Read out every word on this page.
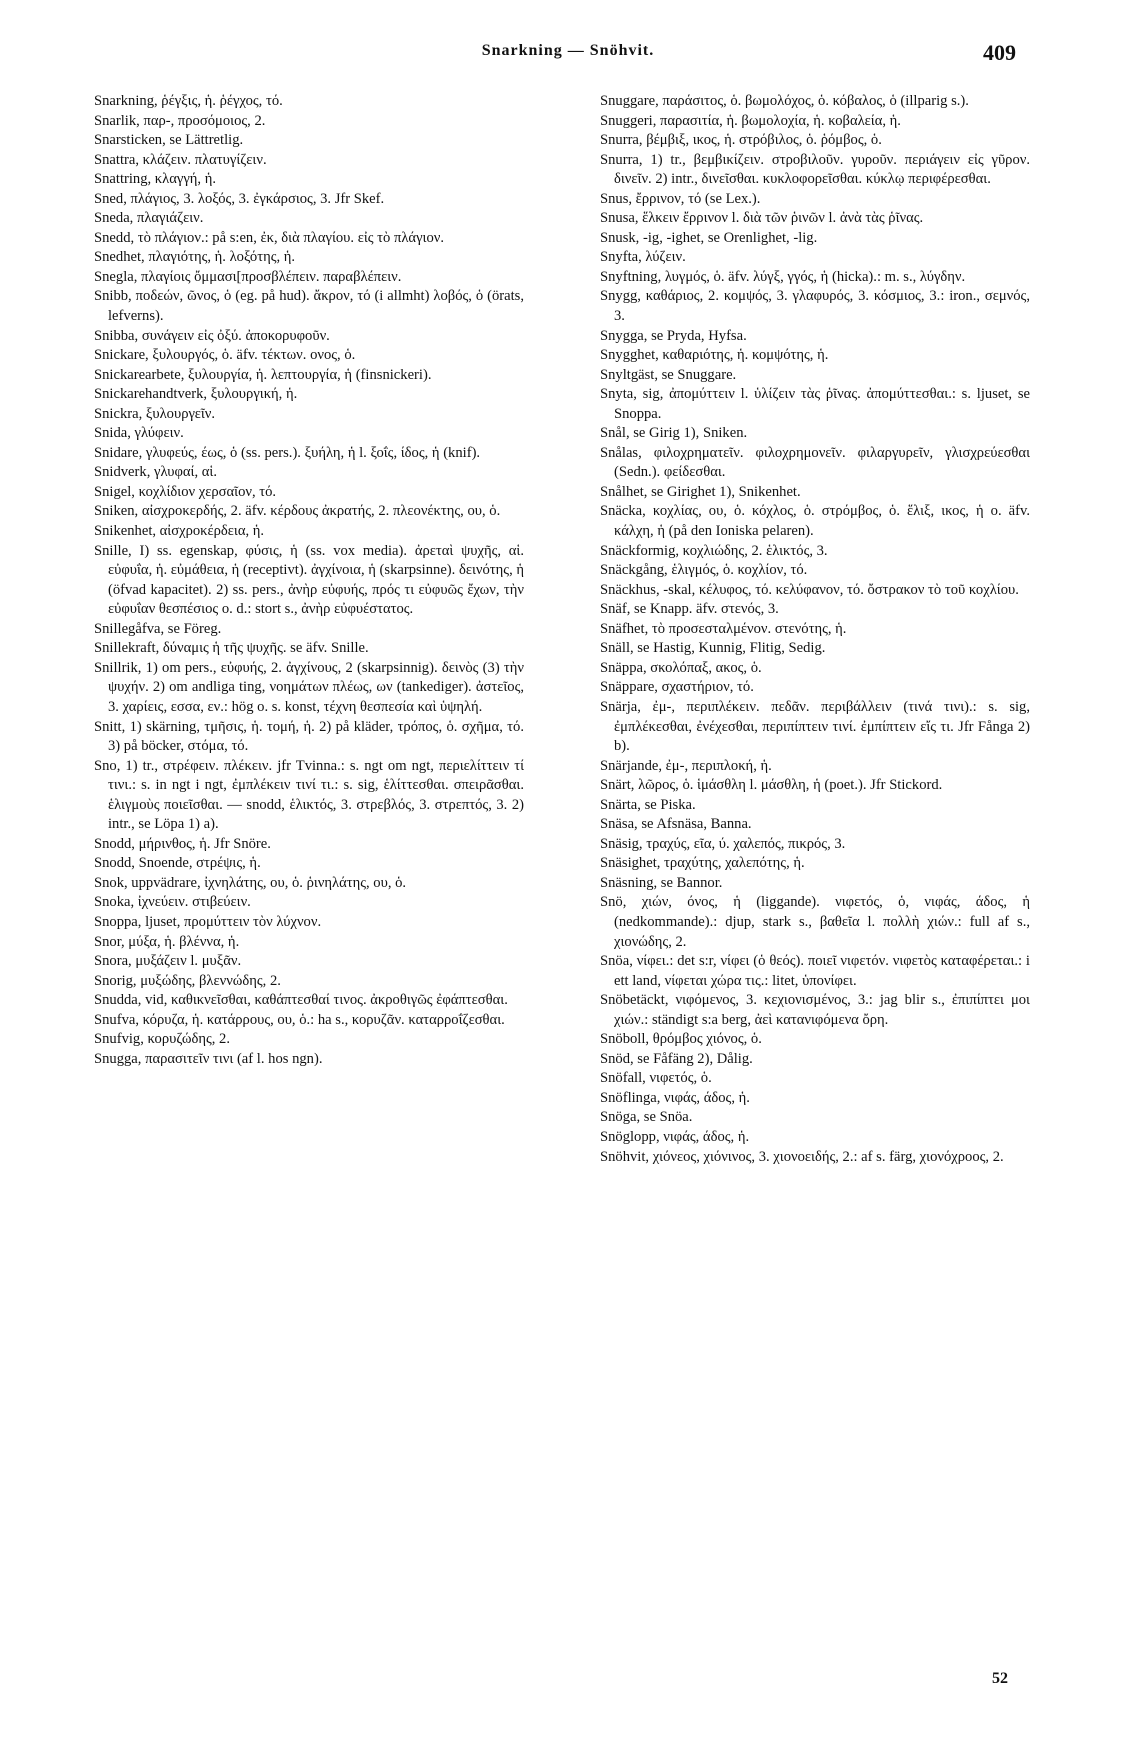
Snarkning — Snöhvit.	409

Snarkning, ῥέγξις, ἡ. ῥέγχος, τό.

Snarlik, παρ-, προσόμοιος, 2.

Snarsticken, se Lättretlig.

Snattra, κλάζειν. πλατυγίζειν.

Snattring, κλαγγή, ἡ.

Sned, πλάγιος, 3. λοξός, 3. ἐγκάρσιος, 3. Jfr Skef.

Sneda, πλαγιάζειν.

Snedd, τὸ πλάγιον.: på s:en, ἐκ, διὰ πλαγίου. εἰς τὸ πλάγιον.

Snedhet, πλαγιότης, ἡ. λοξότης, ἡ.

Snegla, πλαγίοις ὄμμασι[προσβλέπειν. παραβλέπειν.

Snibb, ποδεών, ῶνος, ὁ (eg. på hud). ἄκρον, τό (i allmht) λοβός, ὁ (örats, lefverns).

Snibba, συνάγειν εἰς ὀξύ. ἀποκορυφοῦν.

Snickare, ξυλουργός, ὁ. äfv. τέκτων. ονος, ὁ.

Snickarearbete, ξυλουργία, ἡ. λεπτουργία, ἡ (finsnickeri).

Snickarehandtverk, ξυλουργική, ἡ.

Snickra, ξυλουργεῖν.

Snida, γλύφειν.

Snidare, γλυφεύς, έως, ὁ (ss. pers.). ξυήλη, ἡ l. ξοΐς, ίδος, ἡ (knif).

Snidverk, γλυφαί, αἱ.

Snigel, κοχλίδιον χερσαῖον, τό.

Sniken, αἰσχροκερδής, 2. äfv. κέρδους ἀκρατής, 2. πλεονέκτης, ου, ὁ.

Snikenhet, αἰσχροκέρδεια, ἡ.

Snille, I) ss. egenskap, φύσις, ἡ (ss. vox media). ἀρεταὶ ψυχῆς, αἱ. εὐφυΐα, ἡ. εὐμάθεια, ἡ (receptivt). ἀγχίνοια, ἡ (skarpsinne). δεινότης, ἡ (öfvad kapacitet). 2) ss. pers., ἀνὴρ εὐφυής, πρός τι εὐφυῶς ἔχων, τὴν εὐφυΐαν θεσπέσιος o. d.: stort s., ἀνὴρ εὐφυέστατος.

Snillegåfva, se Föreg.

Snillekraft, δύναμις ἡ τῆς ψυχῆς. se äfv. Snille.

Snillrik, 1) om pers., εὐφυής, 2. ἀγχίνους, 2 (skarpsinnig). δεινὸς (3) τὴν ψυχήν. 2) om andliga ting, νοημάτων πλέως, ων (tankediger). ἀστεῖος, 3. χαρίεις, εσσα, εν.: hög o. s. konst, τέχνη θεσπεσία καὶ ὑψηλή.

Snitt, 1) skärning, τμῆσις, ἡ. τομή, ἡ. 2) på kläder, τρόπος, ὁ. σχῆμα, τό. 3) på böcker, στόμα, τό.

Sno, 1) tr., στρέφειν. πλέκειν. jfr Tvinna.: s. ngt om ngt, περιελίττειν τί τινι.: s. in ngt i ngt, ἐμπλέκειν τινί τι.: s. sig, ἑλίττεσθαι. σπειρᾶσθαι. ἑλιγμοὺς ποιεῖσθαι. — snodd, ἑλικτός, 3. στρεβλός, 3. στρεπτός, 3. 2) intr., se Löpa 1) a).

Snodd, μήρινθος, ἡ. Jfr Snöre.

Snodd, Snoende, στρέψις, ἡ.

Snok, uppvädrare, ἰχνηλάτης, ου, ὁ. ῥινηλάτης, ου, ὁ.

Snoka, ἰχνεύειν. στιβεύειν.

Snoppa, ljuset, προμύττειν τὸν λύχνον.

Snor, μύξα, ἡ. βλέννα, ἡ.

Snora, μυξάζειν l. μυξᾶν.

Snorig, μυξώδης, βλεννώδης, 2.

Snudda, vid, καθικνεῖσθαι, καθάπτεσθαί τινος. ἀκροθιγῶς ἐφάπτεσθαι.

Snufva, κόρυζα, ἡ. κατάρρους, ου, ὁ.: ha s., κορυζᾶν. καταρροΐζεσθαι.

Snufvig, κορυζώδης, 2.

Snugga, παρασιτεῖν τινι (af l. hos ngn).

Snuggare, παράσιτος, ὁ. βωμολόχος, ὁ. κόβαλος, ὁ (illparig s.).

Snuggeri, παρασιτία, ἡ. βωμολοχία, ἡ. κοβαλεία, ἡ.

Snurra, βέμβιξ, ικος, ἡ. στρόβιλος, ὁ. ῥόμβος, ὁ.

Snurra, 1) tr., βεμβικίζειν. στροβιλοῦν. γυροῦν. περιάγειν εἰς γῦρον. δινεῖν. 2) intr., δινεῖσθαι. κυκλοφορεῖσθαι. κύκλῳ περιφέρεσθαι.

Snus, ἔρρινον, τό (se Lex.).

Snusa, ἕλκειν ἔρρινον l. διὰ τῶν ῥινῶν l. ἀνὰ τὰς ῥῖνας.

Snusk, -ig, -ighet, se Orenlighet, -lig.

Snyfta, λύζειν.

Snyftning, λυγμός, ὁ. äfv. λύγξ, γγός, ἡ (hicka).: m. s., λύγδην.

Snygg, καθάριος, 2. κομψός, 3. γλαφυρός, 3. κόσμιος, 3.: iron., σεμνός, 3.

Snygga, se Pryda, Hyfsa.

Snygghet, καθαριότης, ἡ. κομψότης, ἡ.

Snyltgäst, se Snuggare.

Snyta, sig, ἀπομύττειν l. ὑλίζειν τὰς ῥῖνας. ἀπομύττεσθαι.: s. ljuset, se Snoppa.

Snål, se Girig 1), Sniken.

Snålas, φιλοχρηματεῖν. φιλοχρημονεῖν. φιλαργυρεῖν, γλισχρεύεσθαι (Sedn.). φείδεσθαι.

Snålhet, se Girighet 1), Snikenhet.

Snäcka, κοχλίας, ου, ὁ. κόχλος, ὁ. στρόμβος, ὁ. ἕλιξ, ικος, ἡ o. äfv. κάλχη, ἡ (på den Ioniska pelaren).

Snäckformig, κοχλιώδης, 2. ἑλικτός, 3.

Snäckgång, ἑλιγμός, ὁ. κοχλίον, τό.

Snäckhus, -skal, κέλυφος, τό. κελύφανον, τό. ὄστρακον τὸ τοῦ κοχλίου.

Snäf, se Knapp. äfv. στενός, 3.

Snäfhet, τὸ προσεσταλμένον. στενότης, ἡ.

Snäll, se Hastig, Kunnig, Flitig, Sedig.

Snäppa, σκολόπαξ, ακος, ὁ.

Snäppare, σχαστήριον, τό.

Snärja, ἐμ-, περιπλέκειν. πεδᾶν. περιβάλλειν (τινά τινι).: s. sig, ἐμπλέκεσθαι, ἐνέχεσθαι, περιπίπτειν τινί. ἐμπίπτειν εἴς τι. Jfr Fånga 2) b).

Snärjande, ἐμ-, περιπλοκή, ἡ.

Snärt, λῶρος, ὁ. ἱμάσθλη l. μάσθλη, ἡ (poet.). Jfr Stickord.

Snärta, se Piska.

Snäsa, se Afsnäsa, Banna.

Snäsig, τραχύς, εῖα, ύ. χαλεπός, πικρός, 3.

Snäsighet, τραχύτης, χαλεπότης, ἡ.

Snäsning, se Bannor.

Snö, χιών, όνος, ἡ (liggande). νιφετός, ὁ, νιφάς, άδος, ἡ (nedkommande).: djup, stark s., βαθεῖα l. πολλὴ χιών.: full af s., χιονώδης, 2.

Snöa, νίφει.: det s:r, νίφει (ὁ θεός). ποιεῖ νιφετόν. νιφετὸς καταφέρεται.: i ett land, νίφεται χώρα τις.: litet, ὑπονίφει.

Snöbetäckt, νιφόμενος, 3. κεχιονισμένος, 3.: jag blir s., ἐπιπίπτει μοι χιών.: ständigt s:a berg, ἀεὶ κατανιφόμενα ὄρη.

Snöboll, θρόμβος χιόνος, ὁ.

Snöd, se Fåfäng 2), Dålig.

Snöfall, νιφετός, ὁ.

Snöflinga, νιφάς, άδος, ἡ.

Snöga, se Snöa.

Snöglopp, νιφάς, άδος, ἡ.

Snöhvit, χιόνεος, χιόνινος, 3. χιονοειδής, 2.: af s. färg, χιονόχροος, 2.

52
